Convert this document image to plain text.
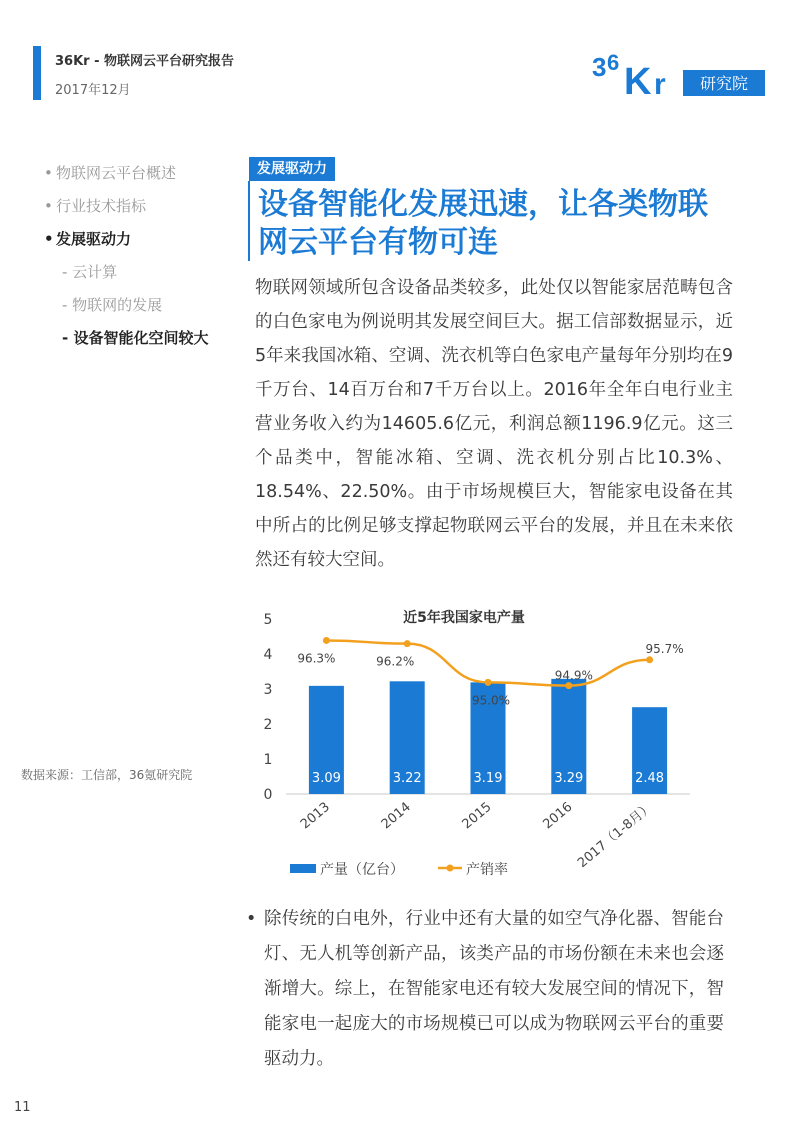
36Kr - 物联网云平台研究报告
2017年12月
3 6 K r 研究院
• 物联网云平台概述
• 行业技术指标
• 发展驱动力
- 云计算
- 物联网的发展
- 设备智能化空间较大
发展驱动力
设备智能化发展迅速，让各类物联网云平台有物可连
物联网领域所包含设备品类较多，此处仅以智能家居范畴包含的白色家电为例说明其发展空间巨大。据工信部数据显示，近5年来我国冰箱、空调、洗衣机等白色家电产量每年分别均在9千万台、14百万台和7千万台以上。2016年全年白电行业主营业务收入约为14605.6亿元，利润总额1196.9亿元。这三个品类中，智能冰箱、空调、洗衣机分别占比10.3%、18.54%、22.50%。由于市场规模巨大，智能家电设备在其中所占的比例足够支撑起物联网云平台的发展，并且在未来依然还有较大空间。
数据来源：工信部，36氪研究院
近5年我国家电产量
0
1
2
3
4
5
3.09	3.22	3.19	3.29	2.48
96.3%	96.2%
95.0%
94.9%
95.7%
2013	2014	2015	2016 2017（1-8月）
产量（亿台）	产销率
• 除传统的白电外，行业中还有大量的如空气净化器、智能台灯、无人机等创新产品，该类产品的市场份额在未来也会逐渐增大。综上，在智能家电还有较大发展空间的情况下，智能家电一起庞大的市场规模已可以成为物联网云平台的重要驱动力。
11
